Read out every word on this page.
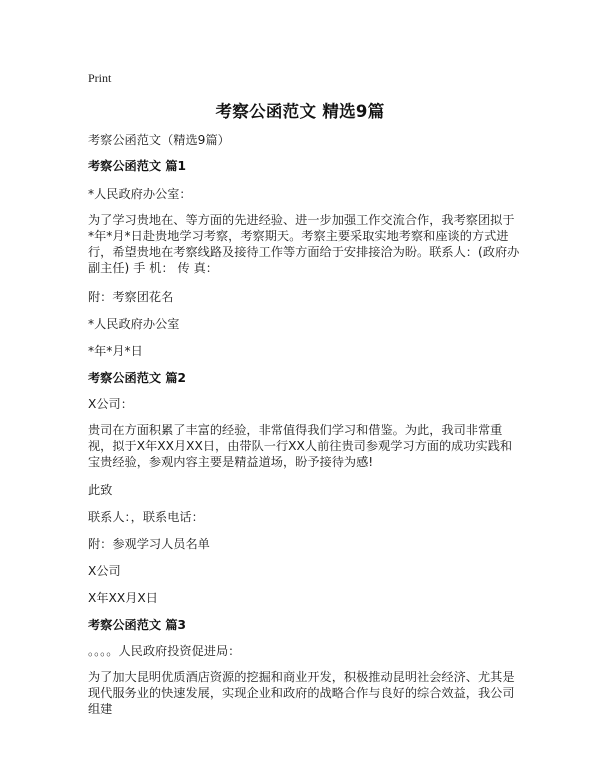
Print
考察公函范文 精选9篇

考察公函范文（精选9篇）

考察公函范文 篇1

*人民政府办公室：

为了学习贵地在、等方面的先进经验、进一步加强工作交流合作，我考察团拟于*年*月*日赴贵地学习考察，考察期天。考察主要采取实地考察和座谈的方式进行，希望贵地在考察线路及接待工作等方面给于安排接洽为盼。联系人：(政府办副主任) 手 机： 传 真：

附：考察团花名

*人民政府办公室

*年*月*日

考察公函范文 篇2

X公司：

贵司在方面积累了丰富的经验，非常值得我们学习和借鉴。为此，我司非常重视，拟于X年XX月XX日，由带队一行XX人前往贵司参观学习方面的成功实践和宝贵经验，参观内容主要是精益道场，盼予接待为感!

此致

联系人：，联系电话：

附：参观学习人员名单

X公司

X年XX月X日

考察公函范文 篇3

。。。。人民政府投资促进局：

为了加大昆明优质酒店资源的挖掘和商业开发，积极推动昆明社会经济、尤其是现代服务业的快速发展，实现企业和政府的战略合作与良好的综合效益，我公司组建
